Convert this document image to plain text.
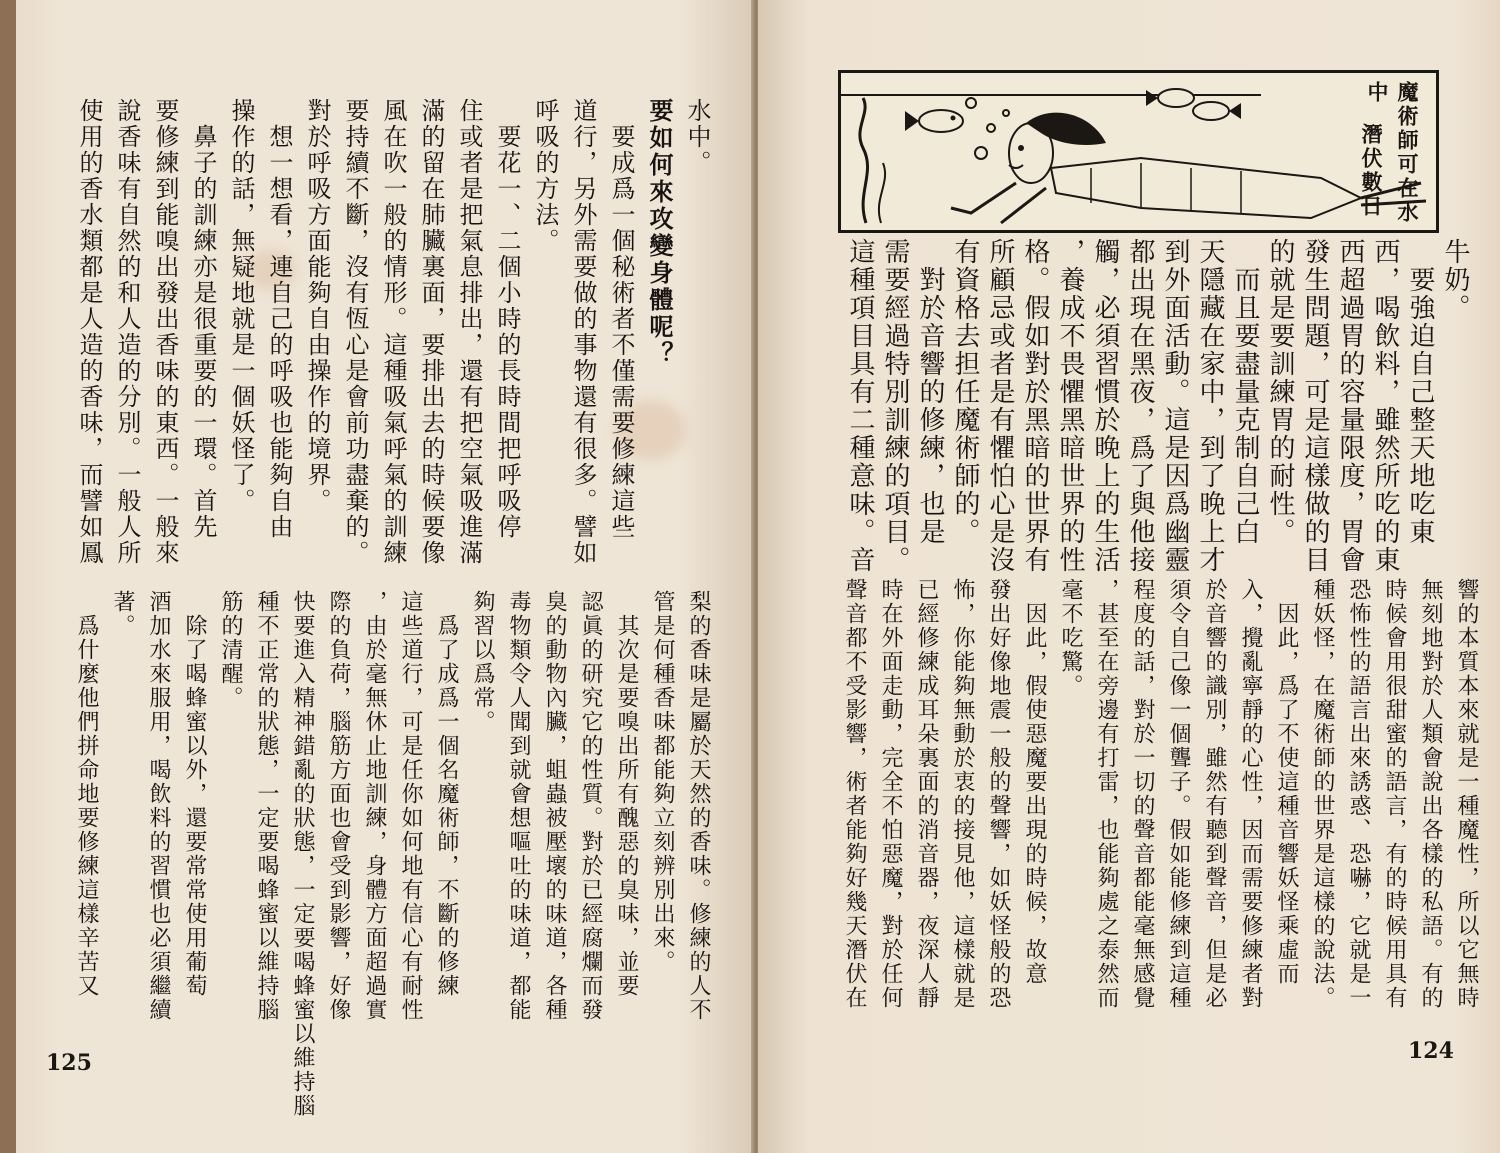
水中。
要如何來攻變身體呢？
　要成爲一個秘術者不僅需要修練這些
道行，另外需要做的事物還有很多。譬如
呼吸的方法。
　要花一、二個小時的長時間把呼吸停
住或者是把氣息排出，還有把空氣吸進滿
滿的留在肺臟裏面，要排出去的時候要像
風在吹一般的情形。這種吸氣呼氣的訓練
要持續不斷，沒有恆心是會前功盡棄的。
對於呼吸方面能夠自由操作的境界。
　想一想看，連自己的呼吸也能夠自由
操作的話，無疑地就是一個妖怪了。
　鼻子的訓練亦是很重要的一環。首先
要修練到能嗅出發出香味的東西。一般來
說香味有自然的和人造的分別。一般人所
使用的香水類都是人造的香味，而譬如鳳
梨的香味是屬於天然的香味。修練的人不
管是何種香味都能夠立刻辨別出來。
　其次是要嗅出所有醜惡的臭味，並要
認眞的研究它的性質。對於已經腐爛而發
臭的動物內臟，蛆蟲被壓壞的味道，各種
毒物類令人聞到就會想嘔吐的味道，都能
夠習以爲常。
　爲了成爲一個名魔術師，不斷的修練
這些道行，可是任你如何地有信心有耐性
，由於毫無休止地訓練，身體方面超過實
際的負荷，腦筋方面也會受到影響，好像
快要進入精神錯亂的狀態，一定要喝蜂蜜以維持腦
種不正常的狀態，一定要喝蜂蜜以維持腦
筋的清醒。
　除了喝蜂蜜以外，還要常常使用葡萄
酒加水來服用，喝飲料的習慣也必須繼續
著。
　爲什麼他們拼命地要修練這樣辛苦又
125
魔術師可在水中
潛伏數日
牛奶。
　要強迫自己整天地吃東
西，喝飲料，雖然所吃的東
西超過胃的容量限度，胃會
發生問題，可是這樣做的目
的就是要訓練胃的耐性。
　而且要盡量克制自己白
天隱藏在家中，到了晚上才
到外面活動。這是因爲幽靈
都出現在黑夜，爲了與他接
觸，必須習慣於晚上的生活
，養成不畏懼黑暗世界的性
格。假如對於黑暗的世界有
所顧忌或者是有懼怕心是沒
有資格去担任魔術師的。
　對於音響的修練，也是
需要經過特別訓練的項目。
這種項目具有二種意味。音
響的本質本來就是一種魔性，所以它無時
無刻地對於人類會說出各樣的私語。有的
時候會用很甜蜜的語言，有的時候用具有
恐怖性的語言出來誘惑、恐嚇，它就是一
種妖怪，在魔術師的世界是這樣的說法。
　因此，爲了不使這種音響妖怪乘虛而
入，攪亂寧靜的心性，因而需要修練者對
於音響的識別，雖然有聽到聲音，但是必
須令自己像一個聾子。假如能修練到這種
程度的話，對於一切的聲音都能毫無感覺
，甚至在旁邊有打雷，也能夠處之泰然而
毫不吃驚。
　因此，假使惡魔要出現的時候，故意
發出好像地震一般的聲響，如妖怪般的恐
怖，你能夠無動於衷的接見他，這樣就是
已經修練成耳朵裏面的消音器，夜深人靜
時在外面走動，完全不怕惡魔，對於任何
聲音都不受影響，術者能夠好幾天潛伏在
124
